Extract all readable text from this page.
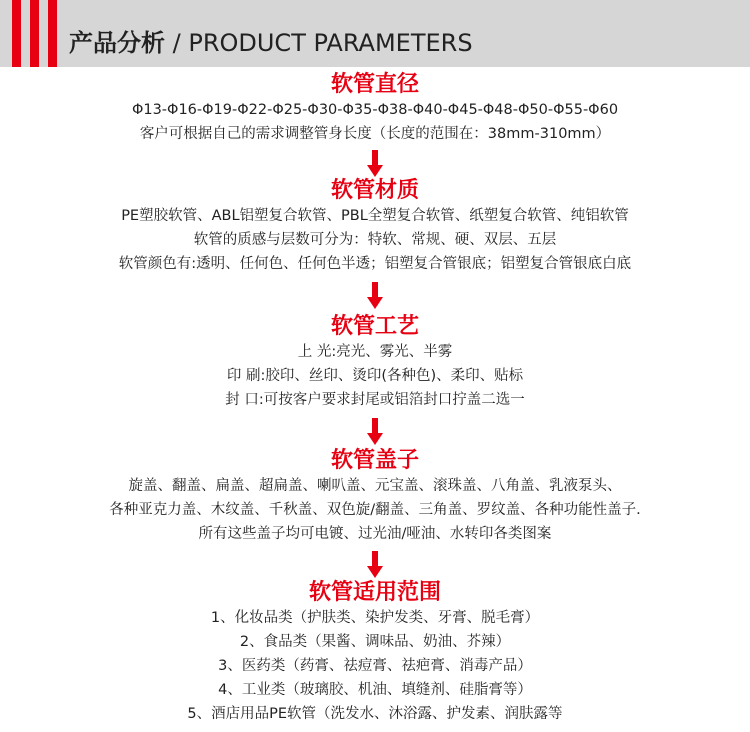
产品分析 / PRODUCT PARAMETERS
软管直径
Φ13-Φ16-Φ19-Φ22-Φ25-Φ30-Φ35-Φ38-Φ40-Φ45-Φ48-Φ50-Φ55-Φ60
客户可根据自己的需求调整管身长度（长度的范围在：38mm-310mm）
软管材质
PE塑胶软管、ABL铝塑复合软管、PBL全塑复合软管、纸塑复合软管、纯铝软管
软管的质感与层数可分为：特软、常规、硬、双层、五层
软管颜色有:透明、任何色、任何色半透；铝塑复合管银底；铝塑复合管银底白底
软管工艺
上 光:亮光、雾光、半雾
印 刷:胶印、丝印、烫印(各种色)、柔印、贴标
封 口:可按客户要求封尾或铝箔封口拧盖二选一
软管盖子
旋盖、翻盖、扁盖、超扁盖、喇叭盖、元宝盖、滚珠盖、八角盖、乳液泵头、
各种亚克力盖、木纹盖、千秋盖、双色旋/翻盖、三角盖、罗纹盖、各种功能性盖子.
所有这些盖子均可电镀、过光油/哑油、水转印各类图案
软管适用范围
1、化妆品类（护肤类、染护发类、牙膏、脱毛膏）
2、食品类（果酱、调味品、奶油、芥辣）
3、医药类（药膏、祛痘膏、祛疤膏、消毒产品）
4、工业类（玻璃胶、机油、填缝剂、硅脂膏等）
5、酒店用品PE软管（洗发水、沐浴露、护发素、润肤露等
